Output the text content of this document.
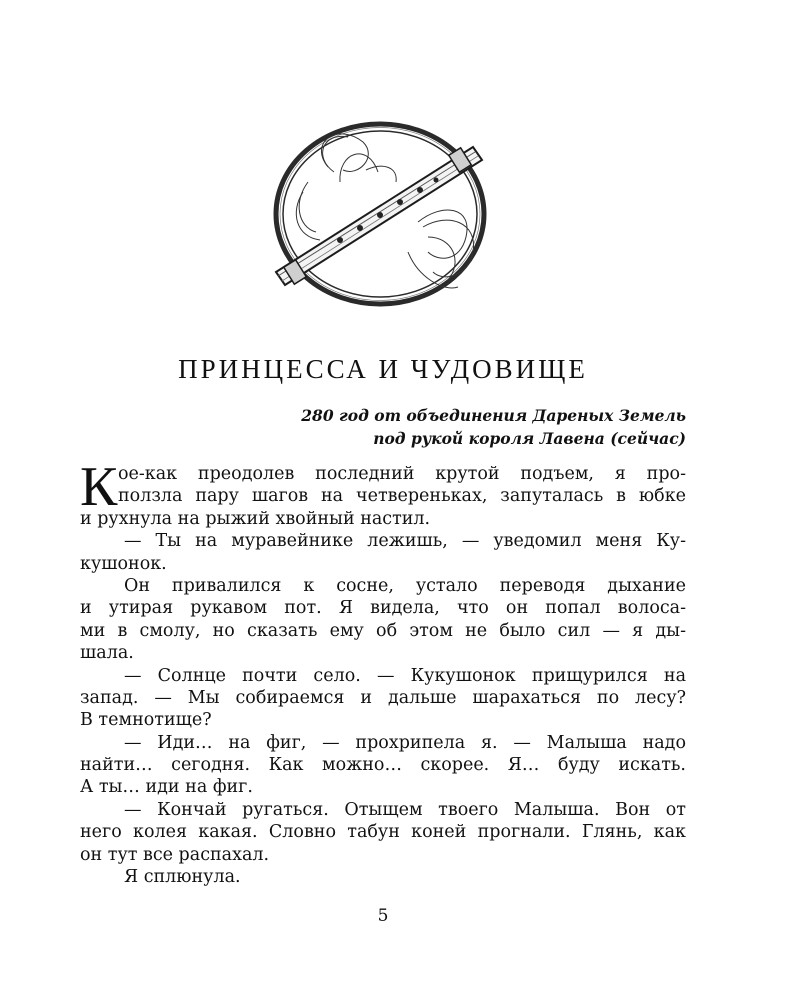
ПРИНЦЕССА И ЧУДОВИЩЕ
280 год от объединения Дареных Земель
под рукой короля Лавена (сейчас)
К ое-как преодолев последний крутой подъем, я про-
ползла пару шагов на четвереньках, запуталась в юбке
и рухнула на рыжий хвойный настил.
— Ты на муравейнике лежишь, — уведомил меня Ку-
кушонок.
Он привалился к сосне, устало переводя дыхание
и утирая рукавом пот. Я видела, что он попал волоса-
ми в смолу, но сказать ему об этом не было сил — я ды-
шала.
— Солнце почти село. — Кукушонок прищурился на
запад. — Мы собираемся и дальше шарахаться по лесу?
В темнотище?
— Иди… на фиг, — прохрипела я. — Малыша надо
найти… сегодня. Как можно… скорее. Я… буду искать.
А ты… иди на фиг.
— Кончай ругаться. Отыщем твоего Малыша. Вон от
него колея какая. Словно табун коней прогнали. Глянь, как
он тут все распахал.
Я сплюнула.
5
